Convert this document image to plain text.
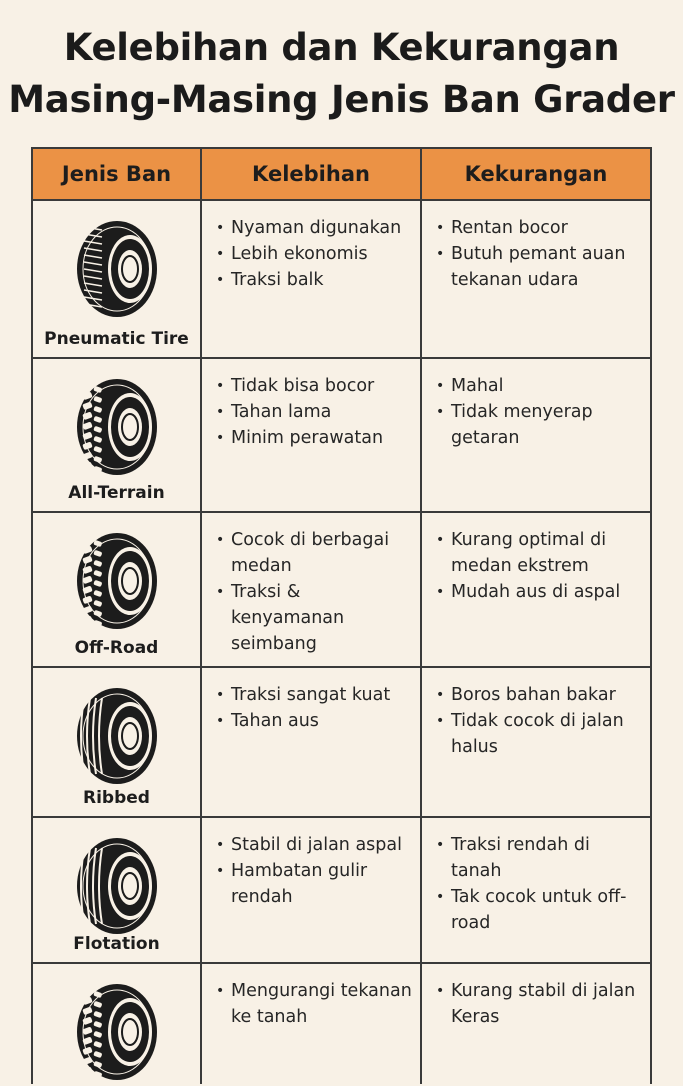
Kelebihan dan Kekurangan
Masing-Masing Jenis Ban Grader
Jenis Ban	Kelebihan	Kekurangan
Pneumatic Tire
• Nyaman digunakan
• Lebih ekonomis
• Traksi balk
• Rentan bocor
• Butuh pemant auan tekanan udara
All-Terrain
• Tidak bisa bocor
• Tahan lama
• Minim perawatan
• Mahal
• Tidak menyerap getaran
Off-Road
• Cocok di berbagai medan
• Traksi & kenyamanan seimbang
• Kurang optimal di medan ekstrem
• Mudah aus di aspal
Ribbed
• Traksi sangat kuat
• Tahan aus
• Boros bahan bakar
• Tidak cocok di jalan halus
Flotation
• Stabil di jalan aspal
• Hambatan gulir rendah
• Traksi rendah di tanah
• Tak cocok untuk off-road
• Mengurangi tekanan ke tanah
• Kurang stabil di jalan Keras
